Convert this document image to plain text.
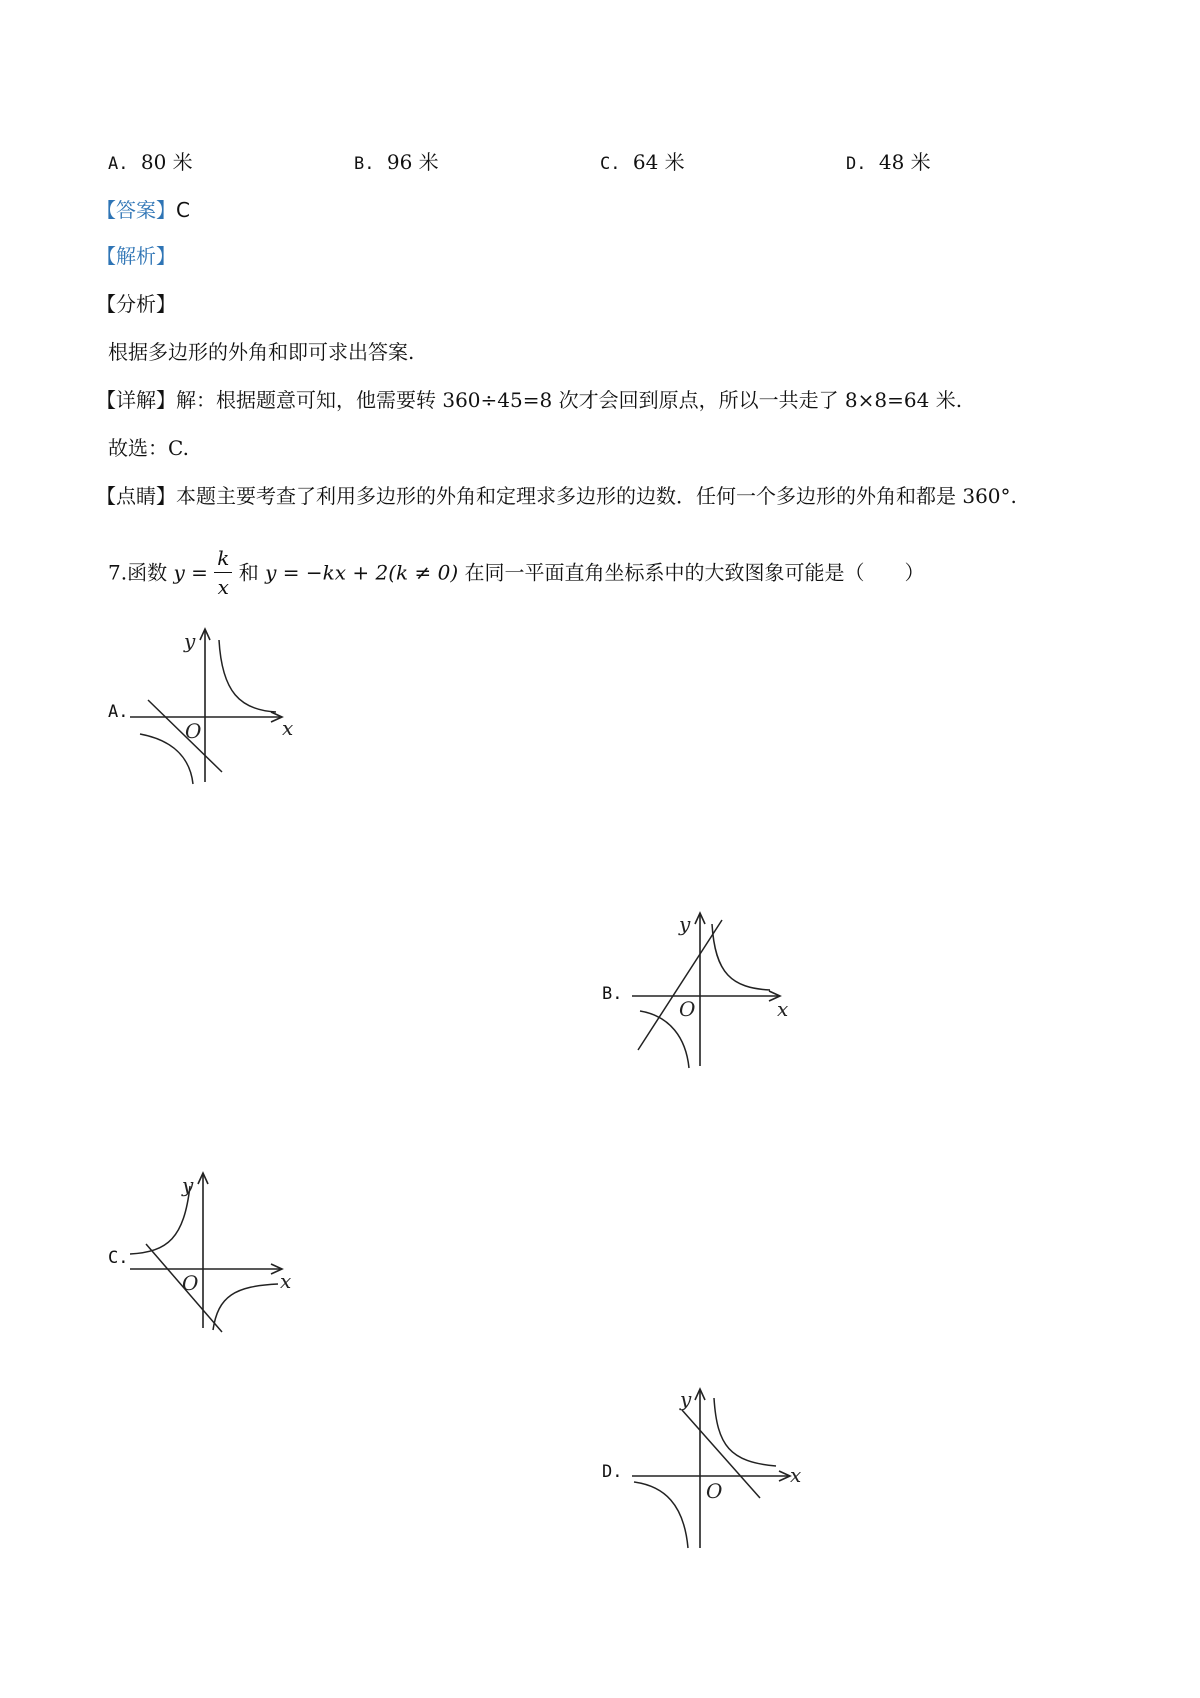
A. 80 米	B. 96 米	C. 64 米	D. 48 米
【答案】C
【解析】
【分析】
根据多边形的外角和即可求出答案.
【详解】解：根据题意可知，他需要转 360÷45=8 次才会回到原点，所以一共走了 8×8=64 米.
故选：C.
【点睛】本题主要考查了利用多边形的外角和定理求多边形的边数．任何一个多边形的外角和都是 360°.
7.函数 $y = \frac{k}{x}$ 和 y = −kx + 2(k ≠ 0) 在同一平面直角坐标系中的大致图象可能是（　　）
A.
y
x
O
B.
y
x
O
C.
y
x
O
D.
y
x
O
